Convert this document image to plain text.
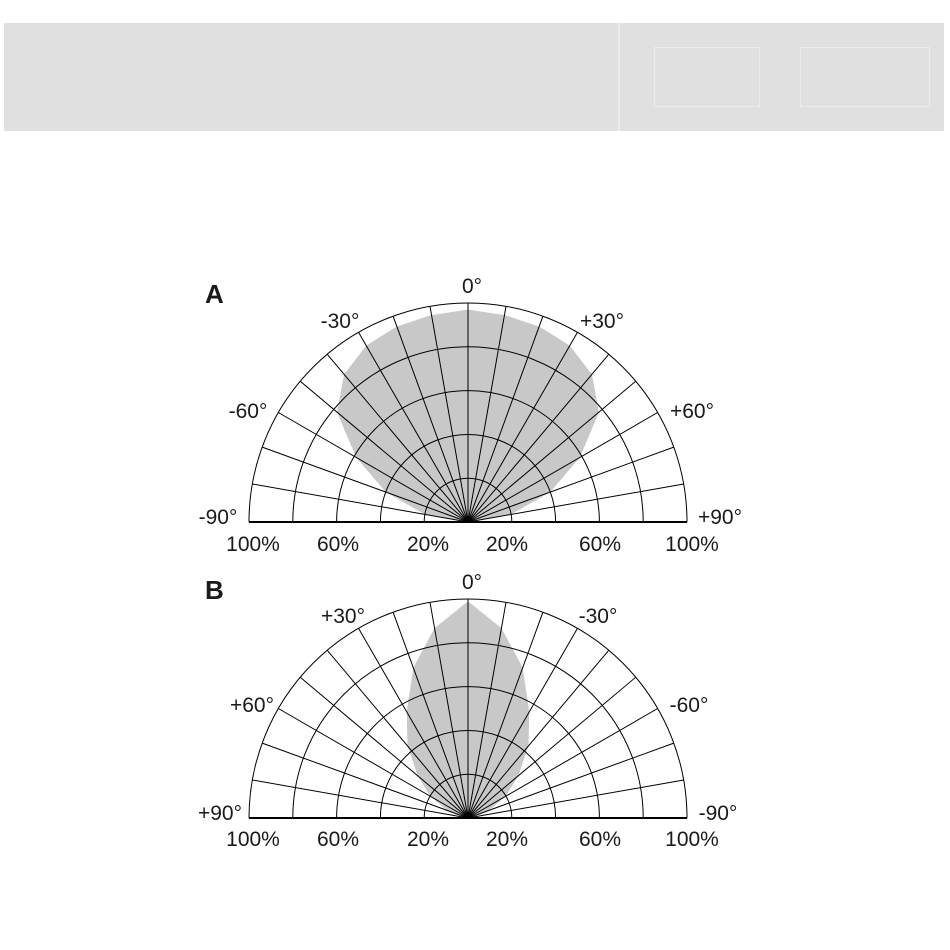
A	0°
-30°	+30°
-60°	+60°
-90°	+90°
100% 60% 20% 20% 60% 100%
B	0°
+30°	-30°
+60°	-60°
+90°	-90°
100% 60% 20% 20% 60% 100%
